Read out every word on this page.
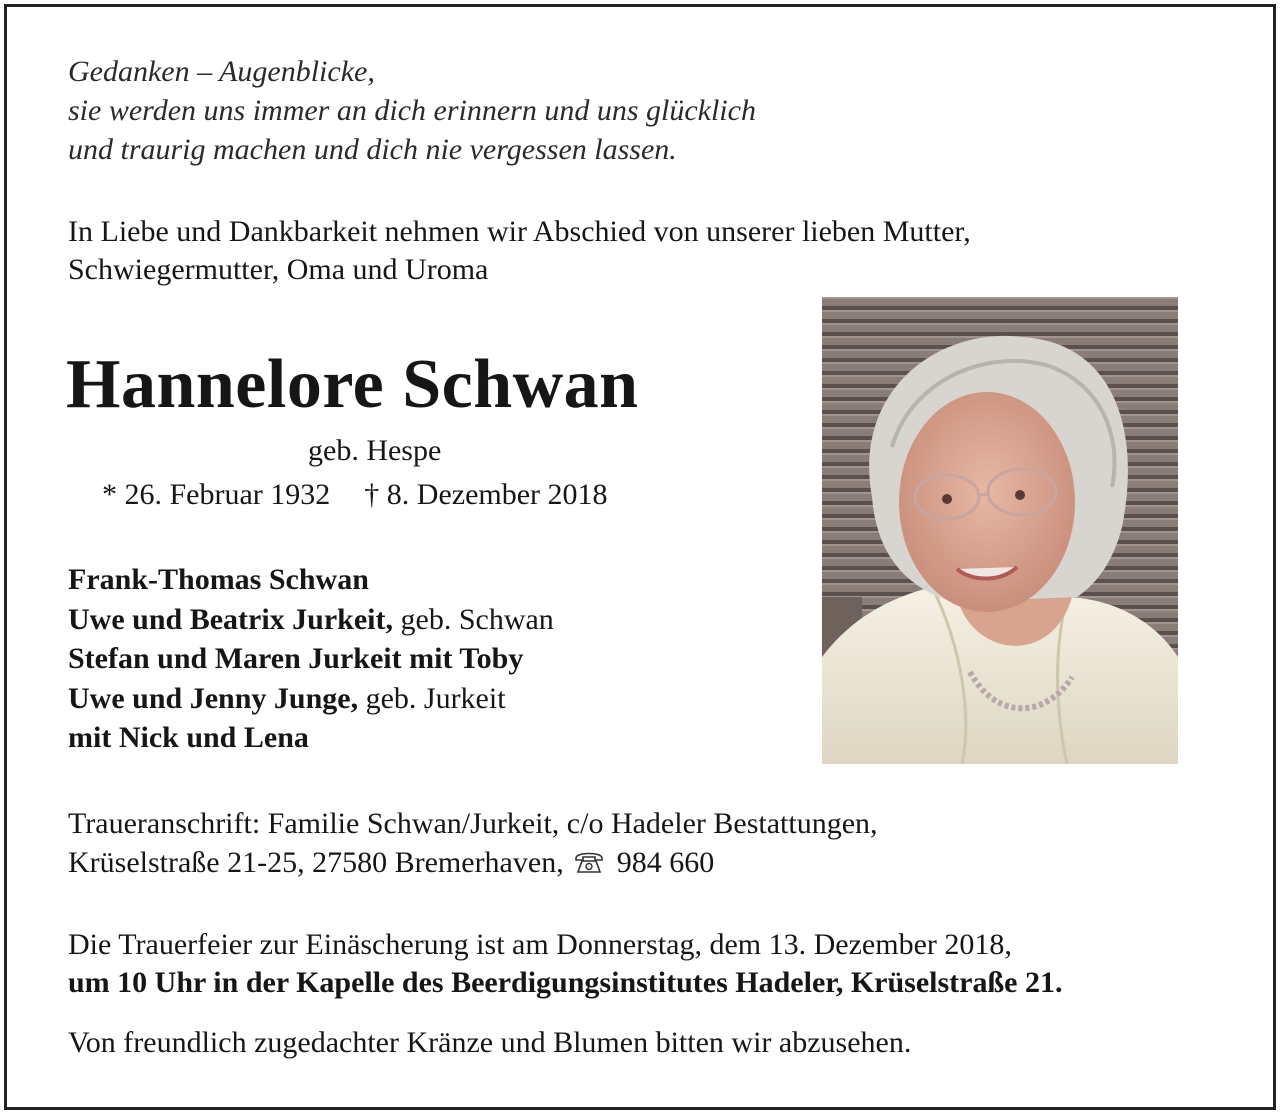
Gedanken – Augenblicke,
sie werden uns immer an dich erinnern und uns glücklich
und traurig machen und dich nie vergessen lassen.
In Liebe und Dankbarkeit nehmen wir Abschied von unserer lieben Mutter,
Schwiegermutter, Oma und Uroma
Hannelore Schwan
geb. Hespe
* 26. Februar 1932 † 8. Dezember 2018
Frank-Thomas Schwan
Uwe und Beatrix Jurkeit, geb. Schwan
Stefan und Maren Jurkeit mit Toby
Uwe und Jenny Junge, geb. Jurkeit
mit Nick und Lena
Traueranschrift: Familie Schwan/Jurkeit, c/o Hadeler Bestattungen,
Krüselstraße 21-25, 27580 Bremerhaven, 984 660
Die Trauerfeier zur Einäscherung ist am Donnerstag, dem 13. Dezember 2018,
um 10 Uhr in der Kapelle des Beerdigungsinstitutes Hadeler, Krüselstraße 21.
Von freundlich zugedachter Kränze und Blumen bitten wir abzusehen.
